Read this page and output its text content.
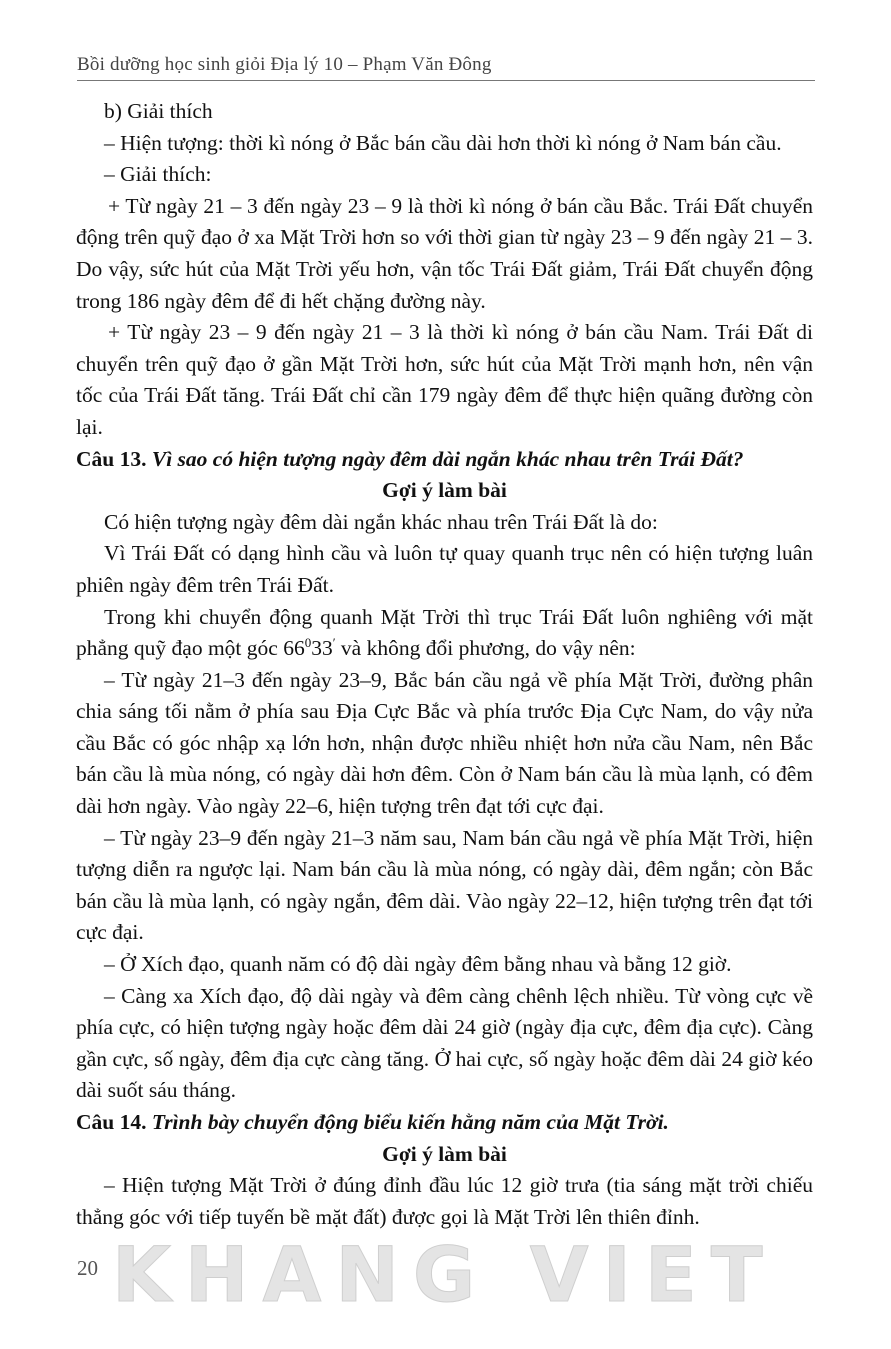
Bồi dưỡng học sinh giỏi Địa lý 10 – Phạm Văn Đông

b) Giải thích

– Hiện tượng: thời kì nóng ở Bắc bán cầu dài hơn thời kì nóng ở Nam bán cầu.

– Giải thích:

+ Từ ngày 21 – 3 đến ngày 23 – 9 là thời kì nóng ở bán cầu Bắc. Trái Đất chuyển động trên quỹ đạo ở xa Mặt Trời hơn so với thời gian từ ngày 23 – 9 đến ngày 21 – 3. Do vậy, sức hút của Mặt Trời yếu hơn, vận tốc Trái Đất giảm, Trái Đất chuyển động trong 186 ngày đêm để đi hết chặng đường này.

+ Từ ngày 23 – 9 đến ngày 21 – 3 là thời kì nóng ở bán cầu Nam. Trái Đất di chuyển trên quỹ đạo ở gần Mặt Trời hơn, sức hút của Mặt Trời mạnh hơn, nên vận tốc của Trái Đất tăng. Trái Đất chỉ cần 179 ngày đêm để thực hiện quãng đường còn lại.

Câu 13. Vì sao có hiện tượng ngày đêm dài ngắn khác nhau trên Trái Đất?

Gợi ý làm bài

Có hiện tượng ngày đêm dài ngắn khác nhau trên Trái Đất là do:

Vì Trái Đất có dạng hình cầu và luôn tự quay quanh trục nên có hiện tượng luân phiên ngày đêm trên Trái Đất.

Trong khi chuyển động quanh Mặt Trời thì trục Trái Đất luôn nghiêng với mặt phẳng quỹ đạo một góc $66^033'$ và không đổi phương, do vậy nên:

– Từ ngày 21–3 đến ngày 23–9, Bắc bán cầu ngả về phía Mặt Trời, đường phân chia sáng tối nằm ở phía sau Địa Cực Bắc và phía trước Địa Cực Nam, do vậy nửa cầu Bắc có góc nhập xạ lớn hơn, nhận được nhiều nhiệt hơn nửa cầu Nam, nên Bắc bán cầu là mùa nóng, có ngày dài hơn đêm. Còn ở Nam bán cầu là mùa lạnh, có đêm dài hơn ngày. Vào ngày 22–6, hiện tượng trên đạt tới cực đại.

– Từ ngày 23–9 đến ngày 21–3 năm sau, Nam bán cầu ngả về phía Mặt Trời, hiện tượng diễn ra ngược lại. Nam bán cầu là mùa nóng, có ngày dài, đêm ngắn; còn Bắc bán cầu là mùa lạnh, có ngày ngắn, đêm dài. Vào ngày 22–12, hiện tượng trên đạt tới cực đại.

– Ở Xích đạo, quanh năm có độ dài ngày đêm bằng nhau và bằng 12 giờ.

– Càng xa Xích đạo, độ dài ngày và đêm càng chênh lệch nhiều. Từ vòng cực về phía cực, có hiện tượng ngày hoặc đêm dài 24 giờ (ngày địa cực, đêm địa cực). Càng gần cực, số ngày, đêm địa cực càng tăng. Ở hai cực, số ngày hoặc đêm dài 24 giờ kéo dài suốt sáu tháng.

Câu 14. Trình bày chuyển động biểu kiến hằng năm của Mặt Trời.

Gợi ý làm bài

– Hiện tượng Mặt Trời ở đúng đỉnh đầu lúc 12 giờ trưa (tia sáng mặt trời chiếu thẳng góc với tiếp tuyến bề mặt đất) được gọi là Mặt Trời lên thiên đỉnh.

KHANG VIET
20
